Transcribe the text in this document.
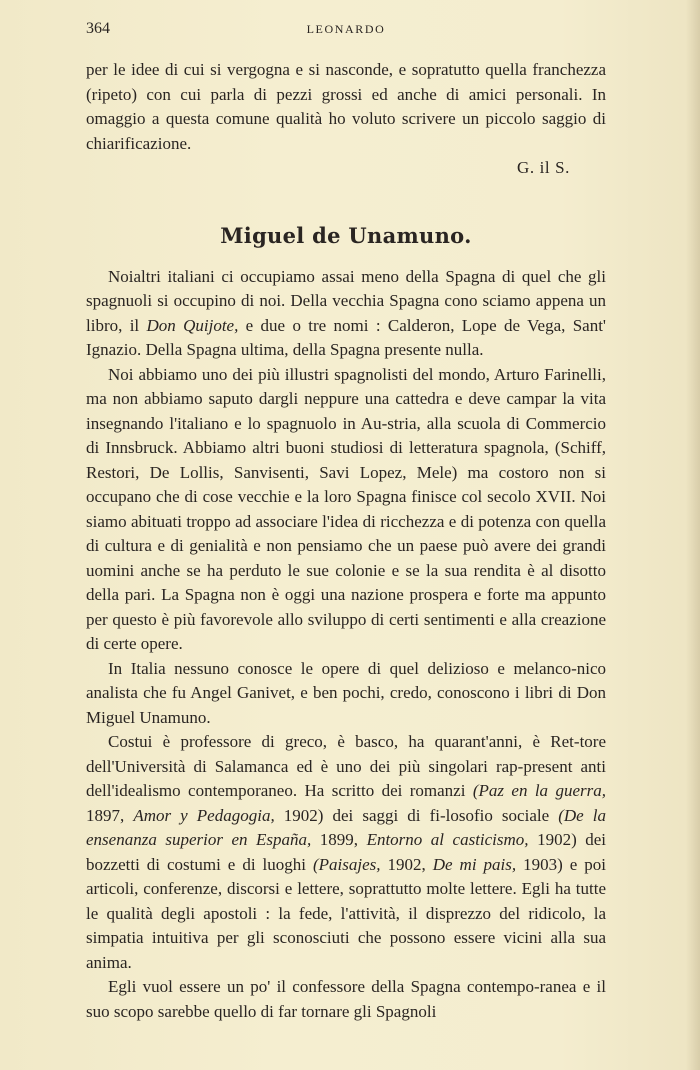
364	LEONARDO

per le idee di cui si vergogna e si nasconde, e sopratutto quella franchezza (ripeto) con cui parla di pezzi grossi ed anche di amici personali. In omaggio a questa comune qualità ho voluto scrivere un piccolo saggio di chiarificazione.

G. il S.

Miguel de Unamuno.

Noialtri italiani ci occupiamo assai meno della Spagna di quel che gli spagnuoli si occupino di noi. Della vecchia Spagna cono sciamo appena un libro, il Don Quijote, e due o tre nomi : Calderon, Lope de Vega, Sant' Ignazio. Della Spagna ultima, della Spagna presente nulla.

Noi abbiamo uno dei più illustri spagnolisti del mondo, Arturo Farinelli, ma non abbiamo saputo dargli neppure una cattedra e deve campar la vita insegnando l'italiano e lo spagnuolo in Au-stria, alla scuola di Commercio di Innsbruck. Abbiamo altri buoni studiosi di letteratura spagnola, (Schiff, Restori, De Lollis, Sanvisenti, Savi Lopez, Mele) ma costoro non si occupano che di cose vecchie e la loro Spagna finisce col secolo XVII. Noi siamo abituati troppo ad associare l'idea di ricchezza e di potenza con quella di cultura e di genialità e non pensiamo che un paese può avere dei grandi uomini anche se ha perduto le sue colonie e se la sua rendita è al disotto della pari. La Spagna non è oggi una nazione prospera e forte ma appunto per questo è più favorevole allo sviluppo di certi sentimenti e alla creazione di certe opere.

In Italia nessuno conosce le opere di quel delizioso e melanco-nico analista che fu Angel Ganivet, e ben pochi, credo, conoscono i libri di Don Miguel Unamuno.

Costui è professore di greco, è basco, ha quarant'anni, è Ret-tore dell'Università di Salamanca ed è uno dei più singolari rap-present anti dell'idealismo contemporaneo. Ha scritto dei romanzi (Paz en la guerra, 1897, Amor y Pedagogia, 1902) dei saggi di fi-losofio sociale (De la ensenanza superior en España, 1899, Entorno al casticismo, 1902) dei bozzetti di costumi e di luoghi (Paisajes, 1902, De mi pais, 1903) e poi articoli, conferenze, discorsi e lettere, soprattutto molte lettere. Egli ha tutte le qualità degli apostoli : la fede, l'attività, il disprezzo del ridicolo, la simpatia intuitiva per gli sconosciuti che possono essere vicini alla sua anima.

Egli vuol essere un po' il confessore della Spagna contempo-ranea e il suo scopo sarebbe quello di far tornare gli Spagnoli
